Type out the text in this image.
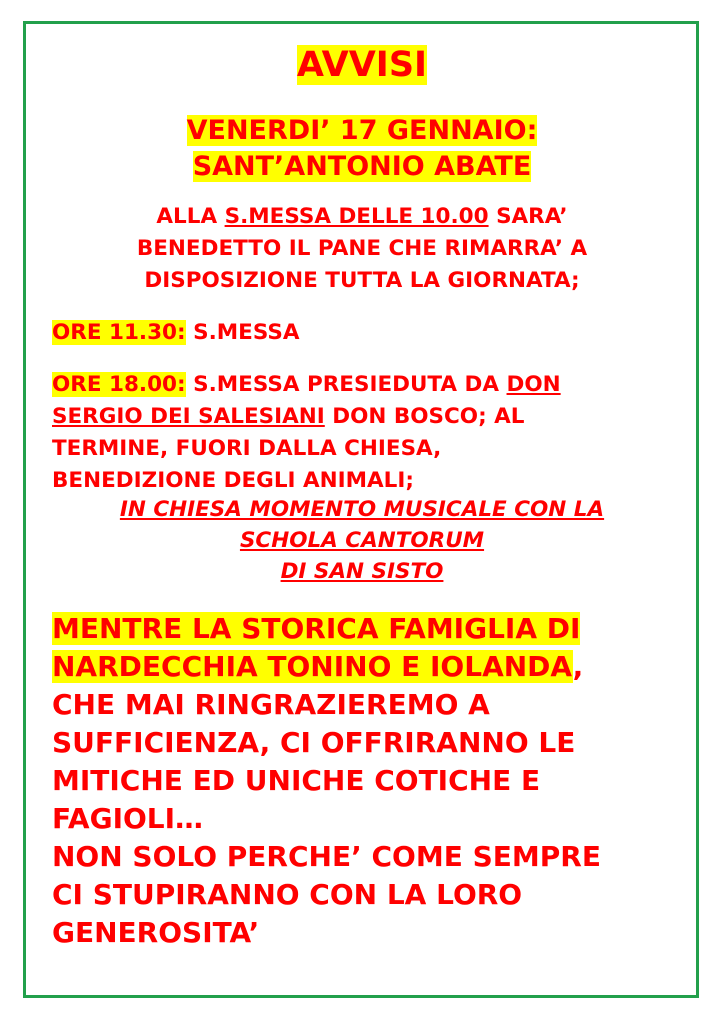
AVVISI
VENERDI’ 17 GENNAIO:
SANT’ANTONIO ABATE
ALLA S.MESSA DELLE 10.00 SARA’
BENEDETTO IL PANE CHE RIMARRA’ A
DISPOSIZIONE TUTTA LA GIORNATA;
ORE 11.30: S.MESSA
ORE 18.00: S.MESSA PRESIEDUTA DA DON
SERGIO DEI SALESIANI DON BOSCO; AL
TERMINE, FUORI DALLA CHIESA,
BENEDIZIONE DEGLI ANIMALI;
IN CHIESA MOMENTO MUSICALE CON LA
SCHOLA CANTORUM
DI SAN SISTO
MENTRE LA STORICA FAMIGLIA DI
NARDECCHIA TONINO E IOLANDA,
CHE MAI RINGRAZIEREMO A
SUFFICIENZA, CI OFFRIRANNO LE
MITICHE ED UNICHE COTICHE E
FAGIOLI…
NON SOLO PERCHE’ COME SEMPRE
CI STUPIRANNO CON LA LORO
GENEROSITA’
